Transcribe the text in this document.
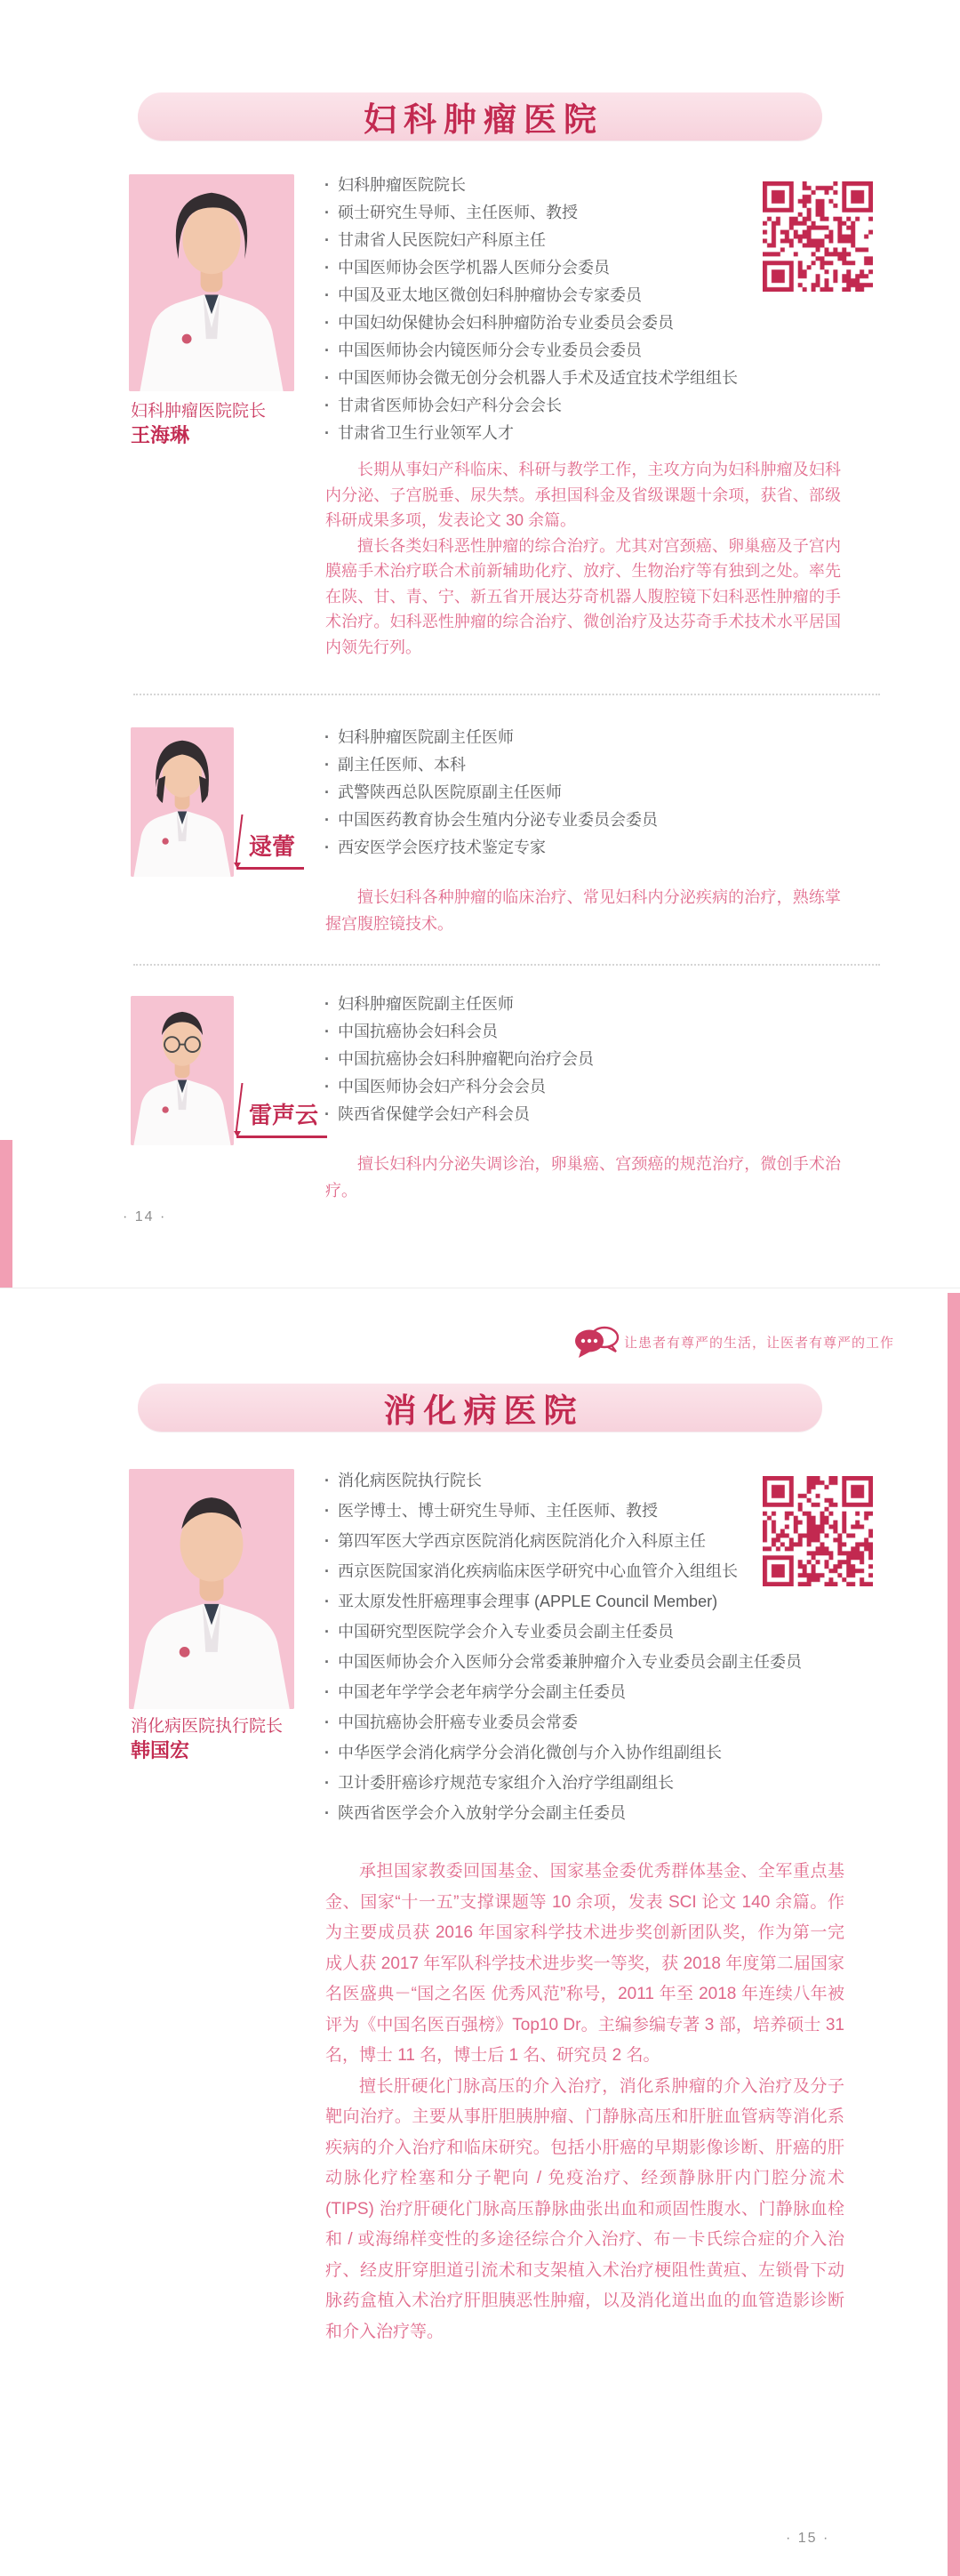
妇科肿瘤医院
· 妇科肿瘤医院院长
· 硕士研究生导师、主任医师、教授
· 甘肃省人民医院妇产科原主任
· 中国医师协会医学机器人医师分会委员
· 中国及亚太地区微创妇科肿瘤协会专家委员
· 中国妇幼保健协会妇科肿瘤防治专业委员会委员
· 中国医师协会内镜医师分会专业委员会委员
· 中国医师协会微无创分会机器人手术及适宜技术学组组长
· 甘肃省医师协会妇产科分会会长
· 甘肃省卫生行业领军人才
妇科肿瘤医院院长
王海琳

长期从事妇产科临床、科研与教学工作，主攻方向为妇科肿瘤及妇科内分泌、子宫脱垂、尿失禁。承担国科金及省级课题十余项，获省、部级科研成果多项，发表论文 30 余篇。

擅长各类妇科恶性肿瘤的综合治疗。尤其对宫颈癌、卵巢癌及子宫内膜癌手术治疗联合术前新辅助化疗、放疗、生物治疗等有独到之处。率先在陕、甘、青、宁、新五省开展达芬奇机器人腹腔镜下妇科恶性肿瘤的手术治疗。妇科恶性肿瘤的综合治疗、微创治疗及达芬奇手术技术水平居国内领先行列。

· 妇科肿瘤医院副主任医师
· 副主任医师、本科
· 武警陕西总队医院原副主任医师
· 中国医药教育协会生殖内分泌专业委员会委员
· 西安医学会医疗技术鉴定专家
逯蕾

擅长妇科各种肿瘤的临床治疗、常见妇科内分泌疾病的治疗，熟练掌握宫腹腔镜技术。

· 妇科肿瘤医院副主任医师
· 中国抗癌协会妇科会员
· 中国抗癌协会妇科肿瘤靶向治疗会员
· 中国医师协会妇产科分会会员
· 陕西省保健学会妇产科会员
雷声云

擅长妇科内分泌失调诊治，卵巢癌、宫颈癌的规范治疗，微创手术治疗。

· 14 ·
让患者有尊严的生活，让医者有尊严的工作
消化病医院
· 消化病医院执行院长
· 医学博士、博士研究生导师、主任医师、教授
· 第四军医大学西京医院消化病医院消化介入科原主任
· 西京医院国家消化疾病临床医学研究中心血管介入组组长
· 亚太原发性肝癌理事会理事 (APPLE Council Member)
· 中国研究型医院学会介入专业委员会副主任委员
· 中国医师协会介入医师分会常委兼肿瘤介入专业委员会副主任委员
· 中国老年学学会老年病学分会副主任委员
· 中国抗癌协会肝癌专业委员会常委
· 中华医学会消化病学分会消化微创与介入协作组副组长
· 卫计委肝癌诊疗规范专家组介入治疗学组副组长
· 陕西省医学会介入放射学分会副主任委员
消化病医院执行院长
韩国宏

承担国家教委回国基金、国家基金委优秀群体基金、全军重点基金、国家“十一五”支撑课题等 10 余项，发表 SCI 论文 140 余篇。作为主要成员获 2016 年国家科学技术进步奖创新团队奖，作为第一完成人获 2017 年军队科学技术进步奖一等奖，获 2018 年度第二届国家名医盛典－“国之名医 优秀风范”称号，2011 年至 2018 年连续八年被评为《中国名医百强榜》Top10 Dr。主编参编专著 3 部，培养硕士 31 名，博士 11 名，博士后 1 名、研究员 2 名。

擅长肝硬化门脉高压的介入治疗，消化系肿瘤的介入治疗及分子靶向治疗。主要从事肝胆胰肿瘤、门静脉高压和肝脏血管病等消化系疾病的介入治疗和临床研究。包括小肝癌的早期影像诊断、肝癌的肝动脉化疗栓塞和分子靶向 / 免疫治疗、经颈静脉肝内门腔分流术 (TIPS) 治疗肝硬化门脉高压静脉曲张出血和顽固性腹水、门静脉血栓和 / 或海绵样变性的多途径综合介入治疗、布－卡氏综合症的介入治疗、经皮肝穿胆道引流术和支架植入术治疗梗阻性黄疸、左锁骨下动脉药盒植入术治疗肝胆胰恶性肿瘤，以及消化道出血的血管造影诊断和介入治疗等。

· 15 ·
